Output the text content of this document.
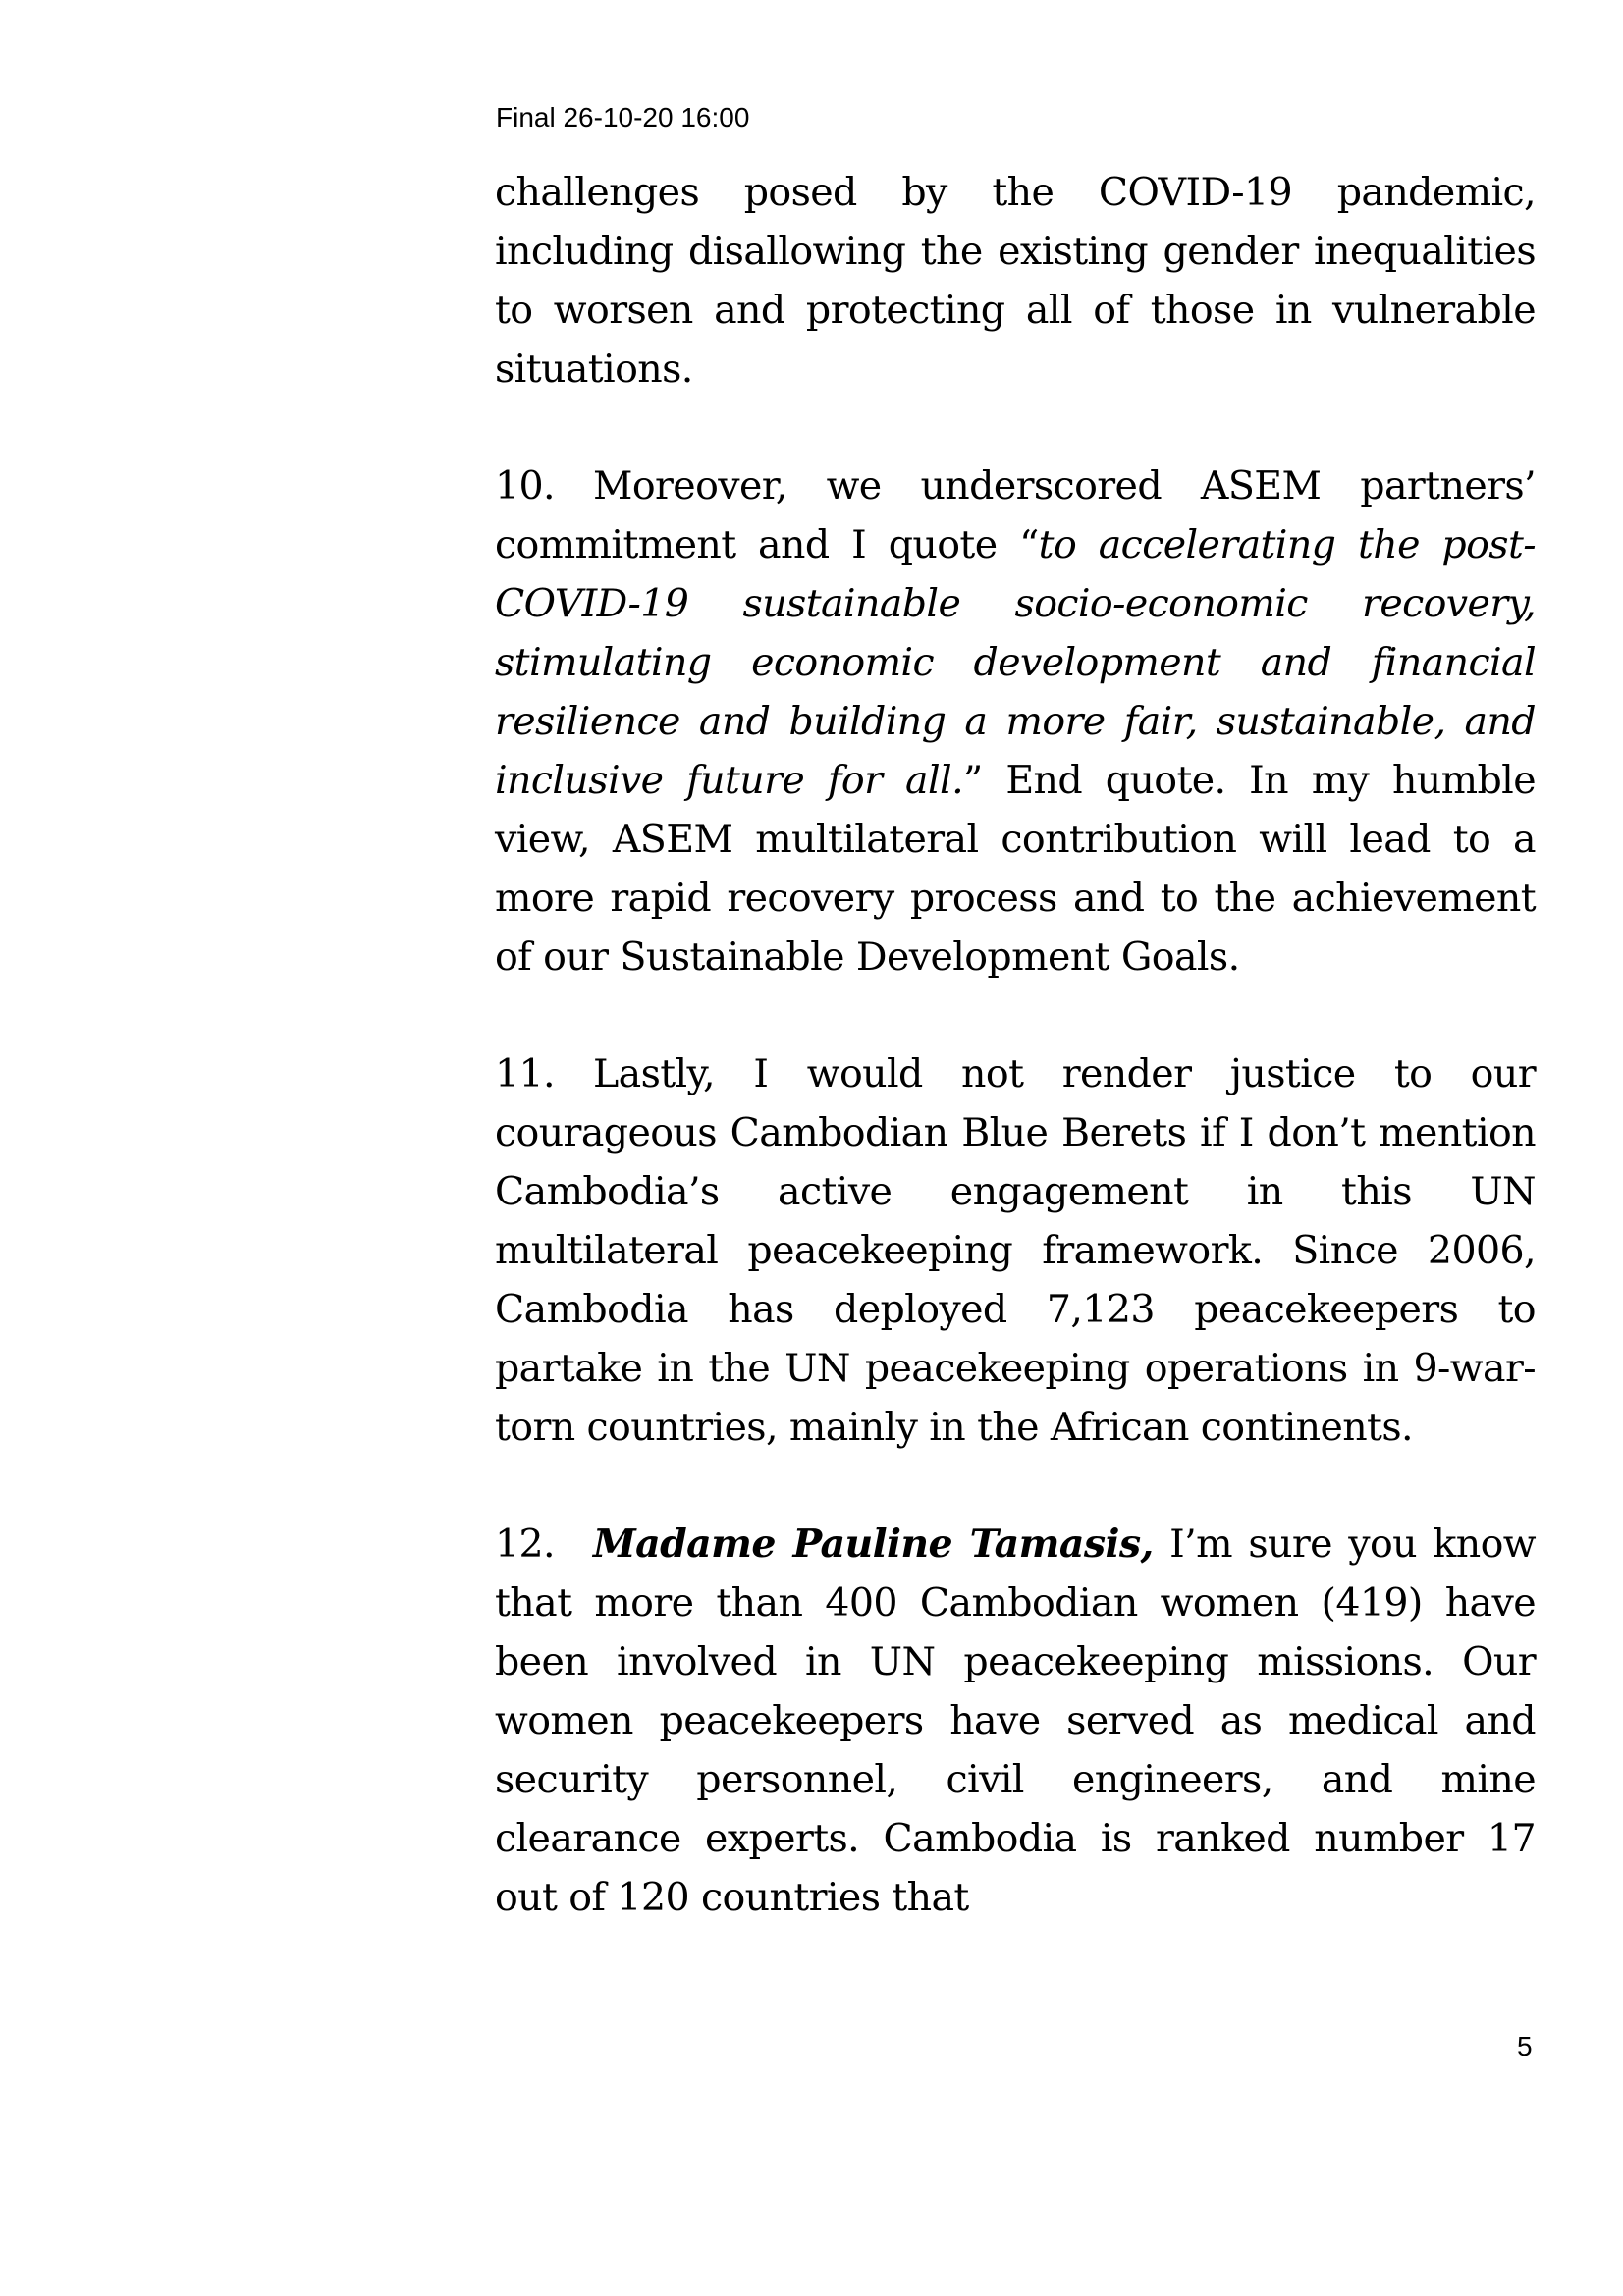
Final 26-10-20 16:00

challenges posed by the COVID-19 pandemic, including disallowing the existing gender inequalities to worsen and protecting all of those in vulnerable situations.

10. Moreover, we underscored ASEM partners’ commitment and I quote “to accelerating the post-COVID-19 sustainable socio-economic recovery, stimulating economic development and financial resilience and building a more fair, sustainable, and inclusive future for all.” End quote. In my humble view, ASEM multilateral contribution will lead to a more rapid recovery process and to the achievement of our Sustainable Development Goals.

11. Lastly, I would not render justice to our courageous Cambodian Blue Berets if I don’t mention Cambodia’s active engagement in this UN multilateral peacekeeping framework. Since 2006, Cambodia has deployed 7,123 peacekeepers to partake in the UN peacekeeping operations in 9-war-torn countries, mainly in the African continents.

12. Madame Pauline Tamasis, I’m sure you know that more than 400 Cambodian women (419) have been involved in UN peacekeeping missions. Our women peacekeepers have served as medical and security personnel, civil engineers, and mine clearance experts. Cambodia is ranked number 17 out of 120 countries that

5
